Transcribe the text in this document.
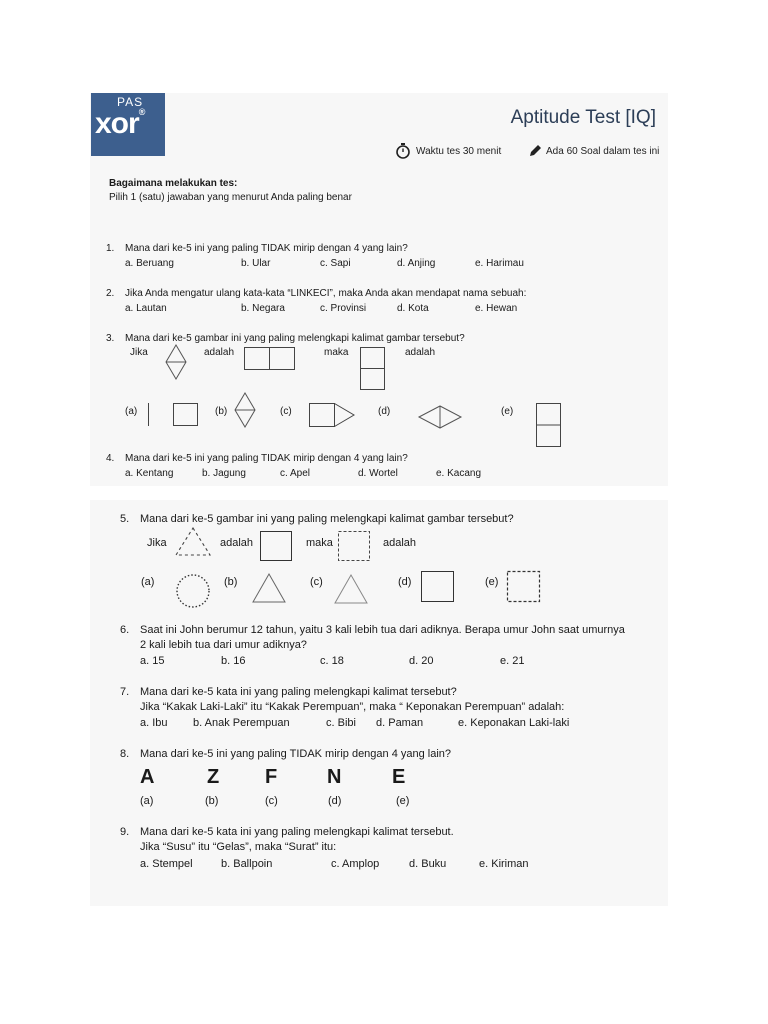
PAS
xor®	Aptitude Test [IQ]
Waktu tes 30 menit	Ada 60 Soal dalam tes ini
Bagaimana melakukan tes:
Pilih 1 (satu) jawaban yang menurut Anda paling benar
1. Mana dari ke-5 ini yang paling TIDAK mirip dengan 4 yang lain?
a. Beruang	b. Ular	c. Sapi	d. Anjing	e. Harimau
2. Jika Anda mengatur ulang kata-kata “LINKECI”, maka Anda akan mendapat nama sebuah:
a. Lautan	b. Negara	c. Provinsi	d. Kota	e. Hewan
3. Mana dari ke-5 gambar ini yang paling melengkapi kalimat gambar tersebut?
Jika	adalah	maka	adalah
(a)	(b)	(c)	(d)	(e)
4. Mana dari ke-5 ini yang paling TIDAK mirip dengan 4 yang lain?
a. Kentang	b. Jagung	c. Apel	d. Wortel	e. Kacang
5. Mana dari ke-5 gambar ini yang paling melengkapi kalimat gambar tersebut?
Jika	adalah	maka	adalah
(a)	(b)	(c)	(d)	(e)
6. Saat ini John berumur 12 tahun, yaitu 3 kali lebih tua dari adiknya. Berapa umur John saat umurnya
2 kali lebih tua dari umur adiknya?
a. 15	b. 16	c. 18	d. 20	e. 21
7. Mana dari ke-5 kata ini yang paling melengkapi kalimat tersebut?
Jika “Kakak Laki-Laki” itu “Kakak Perempuan”, maka “ Keponakan Perempuan” adalah:
a. Ibu b. Anak Perempuan	c. Bibi d. Paman	e. Keponakan Laki-laki
8. Mana dari ke-5 ini yang paling TIDAK mirip dengan 4 yang lain?
A	Z F N	E
(a)	(b)	(c)	(d)	(e)
9. Mana dari ke-5 kata ini yang paling melengkapi kalimat tersebut.
Jika “Susu” itu “Gelas”, maka “Surat” itu:
a. Stempel	b. Ballpoin	c. Amplop	d. Buku	e. Kiriman
